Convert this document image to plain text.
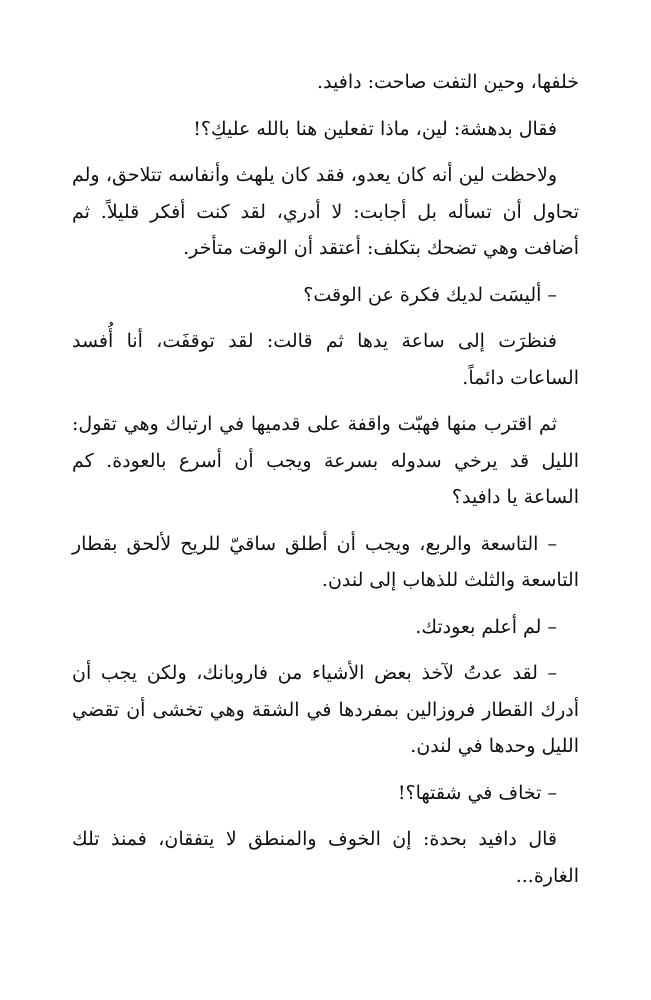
خلفها، وحين التفت صاحت: دافيد.

فقال بدهشة: لين، ماذا تفعلين هنا بالله عليكِ؟!

ولاحظت لين أنه كان يعدو، فقد كان يلهث وأنفاسه تتلاحق، ولم تحاول أن تسأله بل أجابت: لا أدري، لقد كنت أفكر قليلاً. ثم أضافت وهي تضحك بتكلف: أعتقد أن الوقت متأخر.

– أليسَت لديك فكرة عن الوقت؟

فنظرَت إلى ساعة يدها ثم قالت: لقد توقفَت، أنا أُفسد الساعات دائماً.

ثم اقترب منها فهبّت واقفة على قدميها في ارتباك وهي تقول: الليل قد يرخي سدوله بسرعة ويجب أن أسرع بالعودة. كم الساعة يا دافيد؟

– التاسعة والربع، ويجب أن أطلق ساقيّ للريح لألحق بقطار التاسعة والثلث للذهاب إلى لندن.

– لم أعلم بعودتك.

– لقد عدتُ لآخذ بعض الأشياء من فاروبانك، ولكن يجب أن أدرك القطار فروزالين بمفردها في الشقة وهي تخشى أن تقضي الليل وحدها في لندن.

– تخاف في شقتها؟!

قال دافيد بحدة: إن الخوف والمنطق لا يتفقان، فمنذ تلك الغارة...
